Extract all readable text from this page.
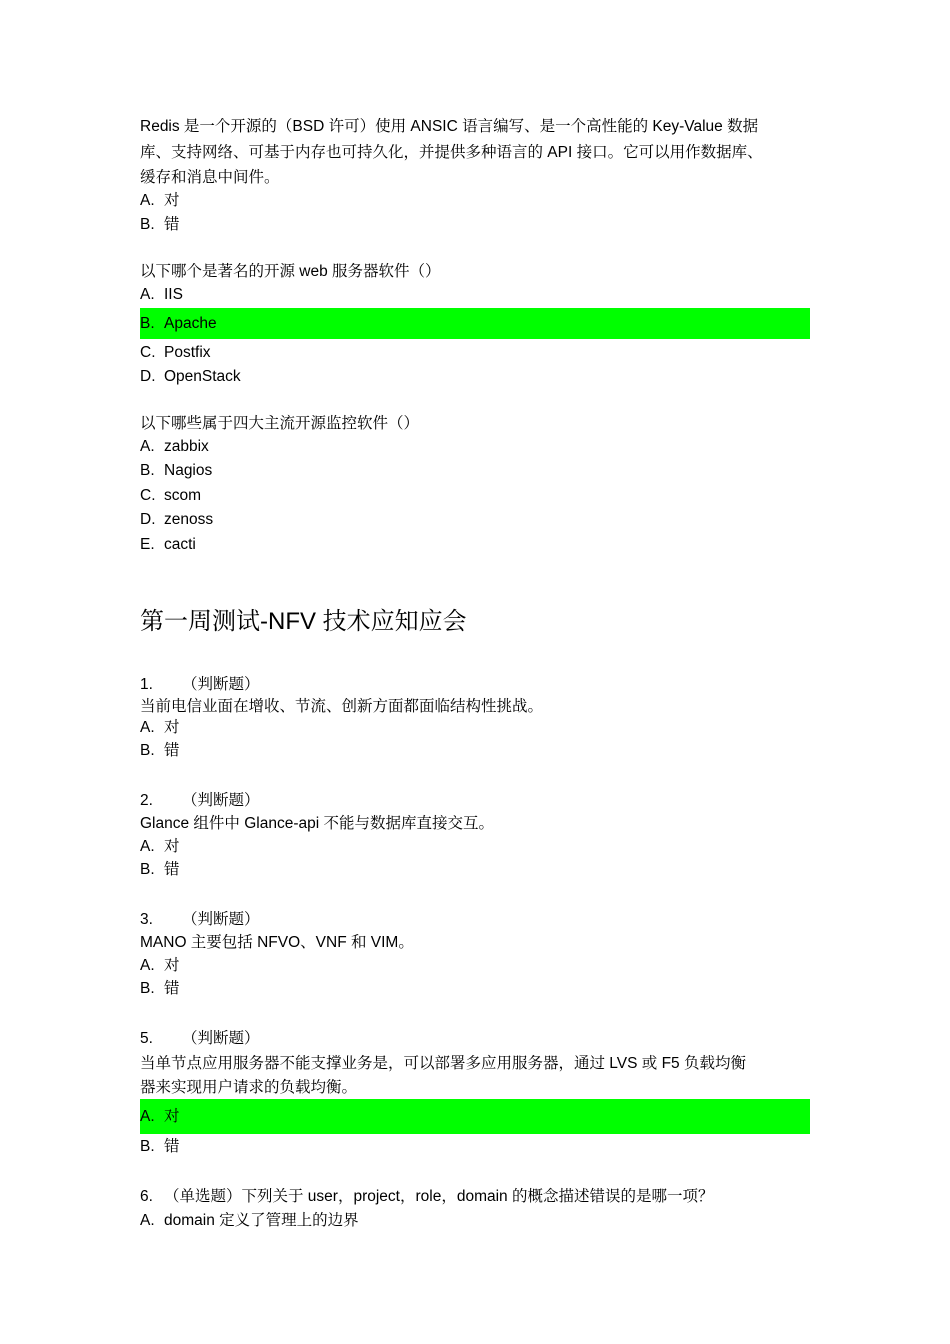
Redis 是一个开源的（BSD 许可）使用 ANSIC 语言编写、是一个高性能的 Key-Value 数据
库、支持网络、可基于内存也可持久化，并提供多种语言的 API 接口。它可以用作数据库、
缓存和消息中间件。
A. 对
B. 错
以下哪个是著名的开源 web 服务器软件（）
A. IIS
B. Apache
C. Postfix
D. OpenStack
以下哪些属于四大主流开源监控软件（）
A. zabbix
B. Nagios
C. scom
D. zenoss
E. cacti
第一周测试-NFV 技术应知应会
1. （判断题）
当前电信业面在增收、节流、创新方面都面临结构性挑战。
A. 对
B. 错
2. （判断题）
Glance 组件中 Glance-api 不能与数据库直接交互。
A. 对
B. 错
3. （判断题）
MANO 主要包括 NFVO、VNF 和 VIM。
A. 对
B. 错
5. （判断题）
当单节点应用服务器不能支撑业务是，可以部署多应用服务器，通过 LVS 或 F5 负载均衡
器来实现用户请求的负载均衡。
A. 对
B. 错
6. （单选题）下列关于 user，project，role，domain 的概念描述错误的是哪一项？
A. domain 定义了管理上的边界
